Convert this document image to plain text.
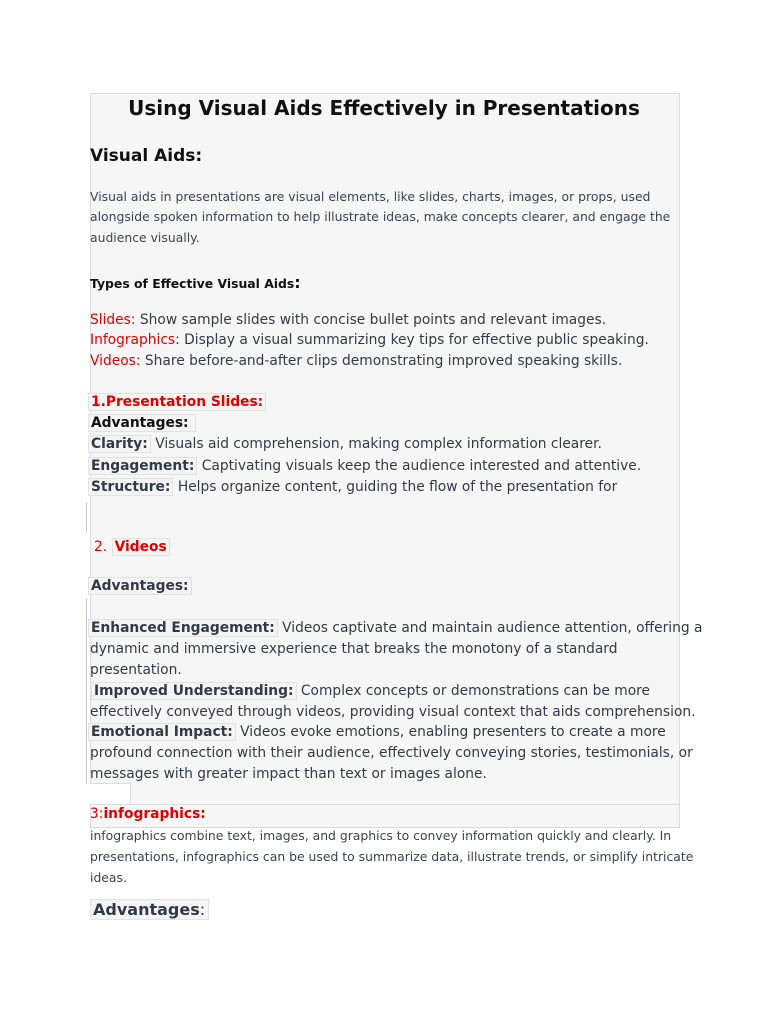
Using Visual Aids Effectively in Presentations
Visual Aids:
Visual aids in presentations are visual elements, like slides, charts, images, or props, used
alongside spoken information to help illustrate ideas, make concepts clearer, and engage the
audience visually.
Types of Effective Visual Aids:
Slides: Show sample slides with concise bullet points and relevant images.
Infographics: Display a visual summarizing key tips for effective public speaking.
Videos: Share before-and-after clips demonstrating improved speaking skills.
1.Presentation Slides:
Advantages:
Clarity: Visuals aid comprehension, making complex information clearer.
Engagement: Captivating visuals keep the audience interested and attentive.
Structure: Helps organize content, guiding the flow of the presentation for
2. Videos
Advantages:
Enhanced Engagement: Videos captivate and maintain audience attention, offering a
dynamic and immersive experience that breaks the monotony of a standard
presentation.
Improved Understanding: Complex concepts or demonstrations can be more
effectively conveyed through videos, providing visual context that aids comprehension.
Emotional Impact: Videos evoke emotions, enabling presenters to create a more
profound connection with their audience, effectively conveying stories, testimonials, or
messages with greater impact than text or images alone.
3:infographics:
infographics combine text, images, and graphics to convey information quickly and clearly. In
presentations, infographics can be used to summarize data, illustrate trends, or simplify intricate
ideas.
Advantages:
